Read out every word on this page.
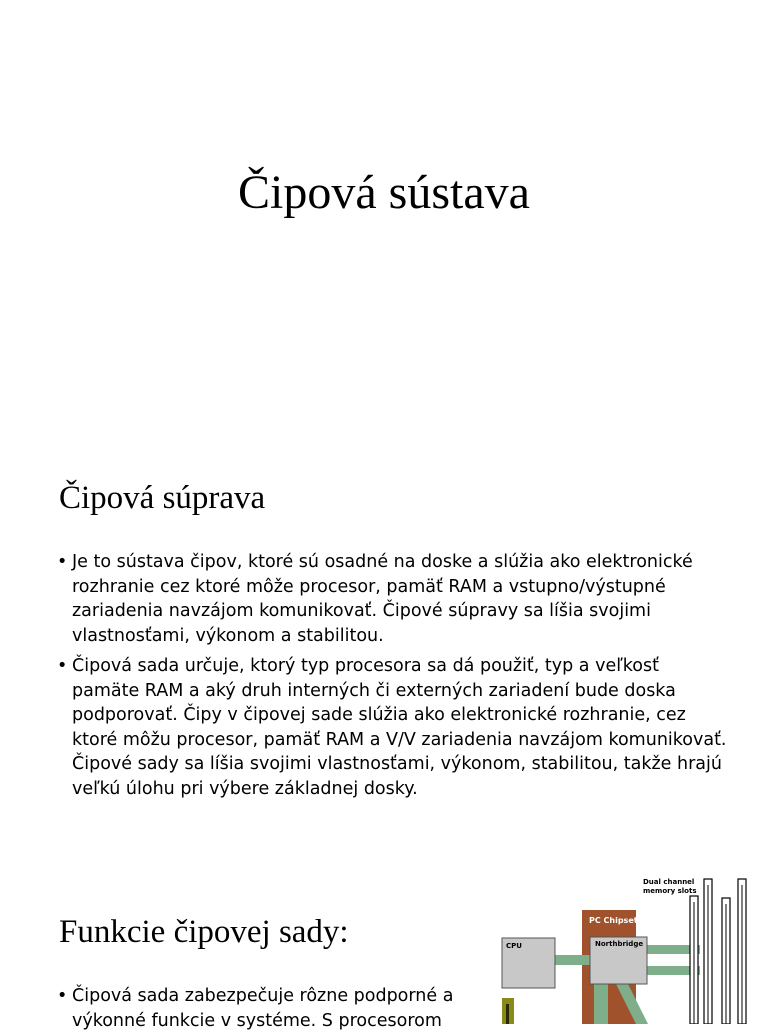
Čipová sústava
Čipová súprava
• Je to sústava čipov, ktoré sú osadné na doske a slúžia ako elektronické rozhranie cez ktoré môže procesor, pamäť RAM a vstupno/výstupné zariadenia navzájom komunikovať. Čipové súpravy sa líšia svojimi vlastnosťami, výkonom a stabilitou.
• Čipová sada určuje, ktorý typ procesora sa dá použiť, typ a veľkosť pamäte RAM a aký druh interných či externých zariadení bude doska podporovať. Čipy v čipovej sade slúžia ako elektronické rozhranie, cez ktoré môžu procesor, pamäť RAM a V/V zariadenia navzájom komunikovať. Čipové sady sa líšia svojimi vlastnosťami, výkonom, stabilitou, takže hrajú veľkú úlohu pri výbere základnej dosky.
Funkcie čipovej sady:
• Čipová sada zabezpečuje rôzne podporné a výkonné funkcie v systéme. S procesorom
Dual channel
memory slots
PC Chipset
Northbridge
CPU
